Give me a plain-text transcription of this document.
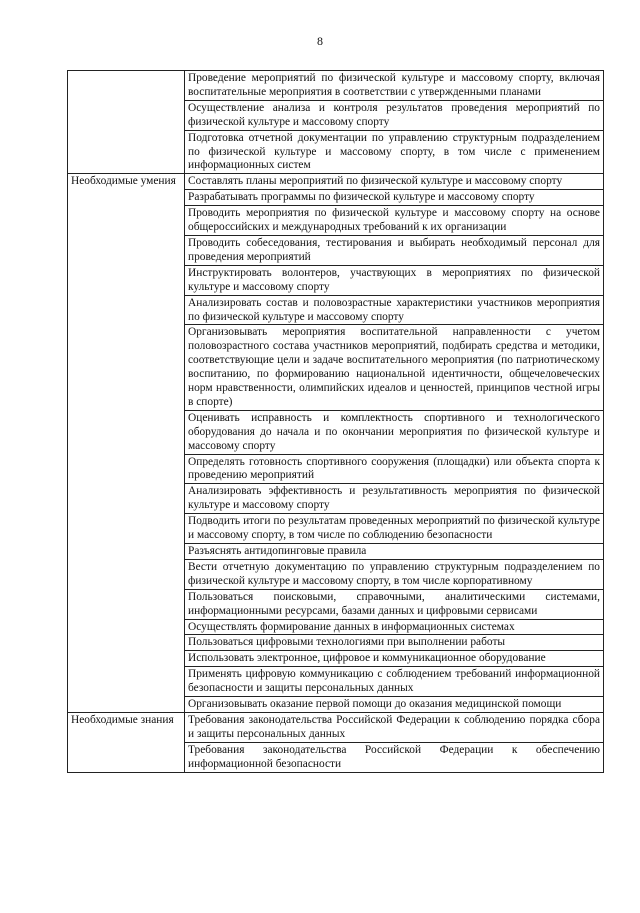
8
	Проведение мероприятий по физической культуре и массовому спорту, включая воспитательные мероприятия в соответствии с утвержденными планами
	Осуществление анализа и контроля результатов проведения мероприятий по физической культуре и массовому спорту
	Подготовка отчетной документации по управлению структурным подразделением по физической культуре и массовому спорту, в том числе с применением информационных систем
Необходимые умения	Составлять планы мероприятий по физической культуре и массовому спорту
	Разрабатывать программы по физической культуре и массовому спорту
	Проводить мероприятия по физической культуре и массовому спорту на основе общероссийских и международных требований к их организации
	Проводить собеседования, тестирования и выбирать необходимый персонал для проведения мероприятий
	Инструктировать волонтеров, участвующих в мероприятиях по физической культуре и массовому спорту
	Анализировать состав и половозрастные характеристики участников мероприятия по физической культуре и массовому спорту
	Организовывать мероприятия воспитательной направленности с учетом половозрастного состава участников мероприятий, подбирать средства и методики, соответствующие цели и задаче воспитательного мероприятия (по патриотическому воспитанию, по формированию национальной идентичности, общечеловеческих норм нравственности, олимпийских идеалов и ценностей, принципов честной игры в спорте)
	Оценивать исправность и комплектность спортивного и технологического оборудования до начала и по окончании мероприятия по физической культуре и массовому спорту
	Определять готовность спортивного сооружения (площадки) или объекта спорта к проведению мероприятий
	Анализировать эффективность и результативность мероприятия по физической культуре и массовому спорту
	Подводить итоги по результатам проведенных мероприятий по физической культуре и массовому спорту, в том числе по соблюдению безопасности
	Разъяснять антидопинговые правила
	Вести отчетную документацию по управлению структурным подразделением по физической культуре и массовому спорту, в том числе корпоративному
	Пользоваться поисковыми, справочными, аналитическими системами, информационными ресурсами, базами данных и цифровыми сервисами
	Осуществлять формирование данных в информационных системах
	Пользоваться цифровыми технологиями при выполнении работы
	Использовать электронное, цифровое и коммуникационное оборудование
	Применять цифровую коммуникацию с соблюдением требований информационной безопасности и защиты персональных данных
	Организовывать оказание первой помощи до оказания медицинской помощи
Необходимые знания	Требования законодательства Российской Федерации к соблюдению порядка сбора и защиты персональных данных
	Требования законодательства Российской Федерации к обеспечению информационной безопасности
